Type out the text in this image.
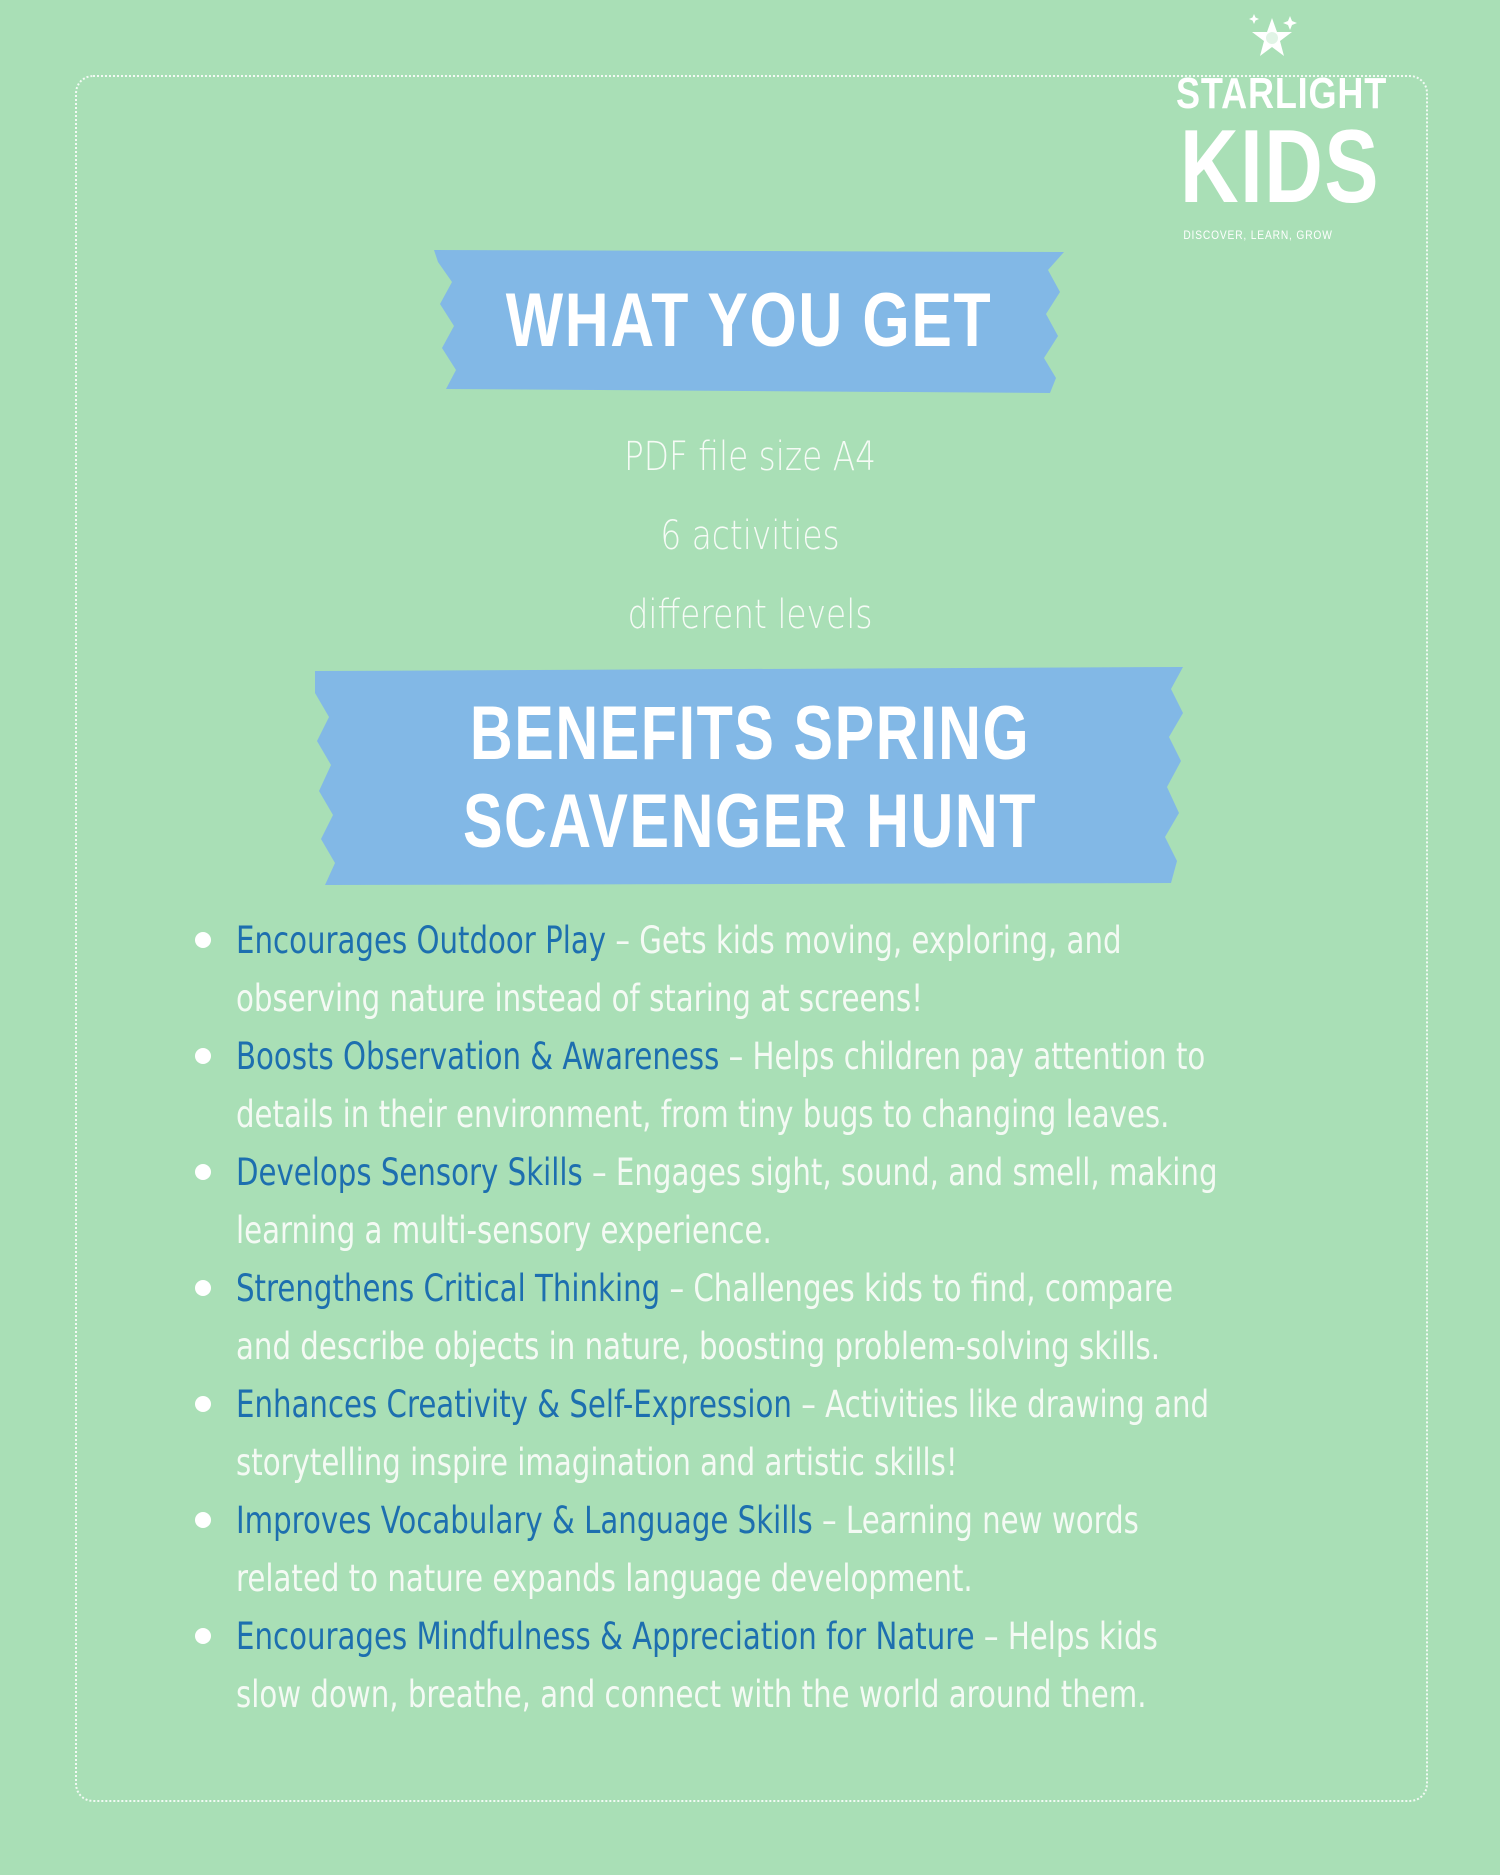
STARLIGHT
KIDS
DISCOVER, LEARN, GROW
WHAT YOU GET
PDF file size A4
6 activities
different levels
BENEFITS SPRING
SCAVENGER HUNT
Encourages Outdoor Play – Gets kids moving, exploring, and observing nature instead of staring at screens!
Boosts Observation & Awareness – Helps children pay attention to details in their environment, from tiny bugs to changing leaves.
Develops Sensory Skills – Engages sight, sound, and smell, making learning a multi-sensory experience.
Strengthens Critical Thinking – Challenges kids to find, compare and describe objects in nature, boosting problem-solving skills.
Enhances Creativity & Self-Expression – Activities like drawing and storytelling inspire imagination and artistic skills!
Improves Vocabulary & Language Skills – Learning new words related to nature expands language development.
Encourages Mindfulness & Appreciation for Nature – Helps kids slow down, breathe, and connect with the world around them.
